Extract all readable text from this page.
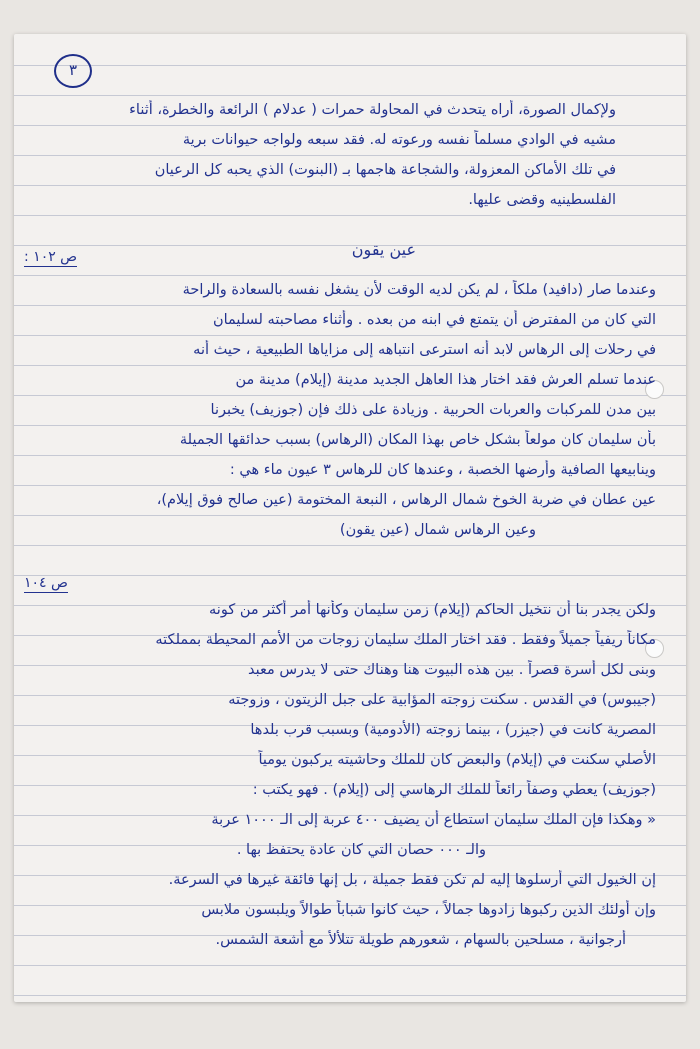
٣
ولإكمال الصورة، أراه يتحدث في المحاولة حمرات ( عدلام ) الرائعة والخطرة، أثناء
مشيه في الوادي مسلماً نفسه ورعوته له. فقد سبعه ولواجه حيوانات برية
في تلك الأماكن المعزولة، والشجاعة هاجمها بـ (البنوت) الذي يحبه كل الرعيان
الفلسطينيه وقضى عليها.
ص ١٠٢ :	عين يقون
وعندما صار (دافيد) ملكاً ، لم يكن لديه الوقت لأن يشغل نفسه بالسعادة والراحة
التي كان من المفترض أن يتمتع في ابنه من بعده . وأثناء مصاحبته لسليمان
في رحلات إلى الرهاس لابد أنه استرعى انتباهه إلى مزاياها الطبيعية ، حيث أنه
عندما تسلم العرش فقد اختار هذا العاهل الجديد مدينة (إيلام) مدينة من
بين مدن للمركبات والعربات الحربية . وزيادة على ذلك فإن (جوزيف) يخبرنا
بأن سليمان كان مولعاً بشكل خاص بهذا المكان (الرهاس) بسبب حدائقها الجميلة
وينابيعها الصافية وأرضها الخصبة ، وعندها كان للرهاس ٣ عيون ماء هي :
عين عطان في ضربة الخوخ شمال الرهاس ، النبعة المختومة (عين صالح فوق إيلام)،
وعين الرهاس شمال (عين يقون)
ص ١٠٤
ولكن يجدر بنا أن نتخيل الحاكم (إيلام) زمن سليمان وكأنها أمر أكثر من كونه
مكاناً ريفياً جميلاً وفقط . فقد اختار الملك سليمان زوجات من الأمم المحيطة بمملكته
وبنى لكل أسرة قصراً . بين هذه البيوت هنا وهناك حتى لا يدرس معبد
(جيبوس) في القدس . سكنت زوجته المؤابية على جبل الزيتون ، وزوجته
المصرية كانت في (جيزر) ، بينما زوجته (الأدومية) وبسبب قرب بلدها
الأصلي سكنت في (إيلام) والبعض كان للملك وحاشيته يركبون يومياً
(جوزيف) يعطي وصفاً رائعاً للملك الرهاسي إلى (إيلام) . فهو يكتب :
« وهكذا فإن الملك سليمان استطاع أن يضيف ٤٠٠ عربة إلى الـ ١٠٠٠ عربة
والـ ٠٠٠ حصان التي كان عادة يحتفظ بها .
إن الخيول التي أرسلوها إليه لم تكن فقط جميلة ، بل إنها فائقة غيرها في السرعة.
وإن أولئك الذين ركبوها زادوها جمالاً ، حيث كانوا شباباً طوالاً ويلبسون ملابس
أرجوانية ، مسلحين بالسهام ، شعورهم طويلة تتلألأ مع أشعة الشمس.
